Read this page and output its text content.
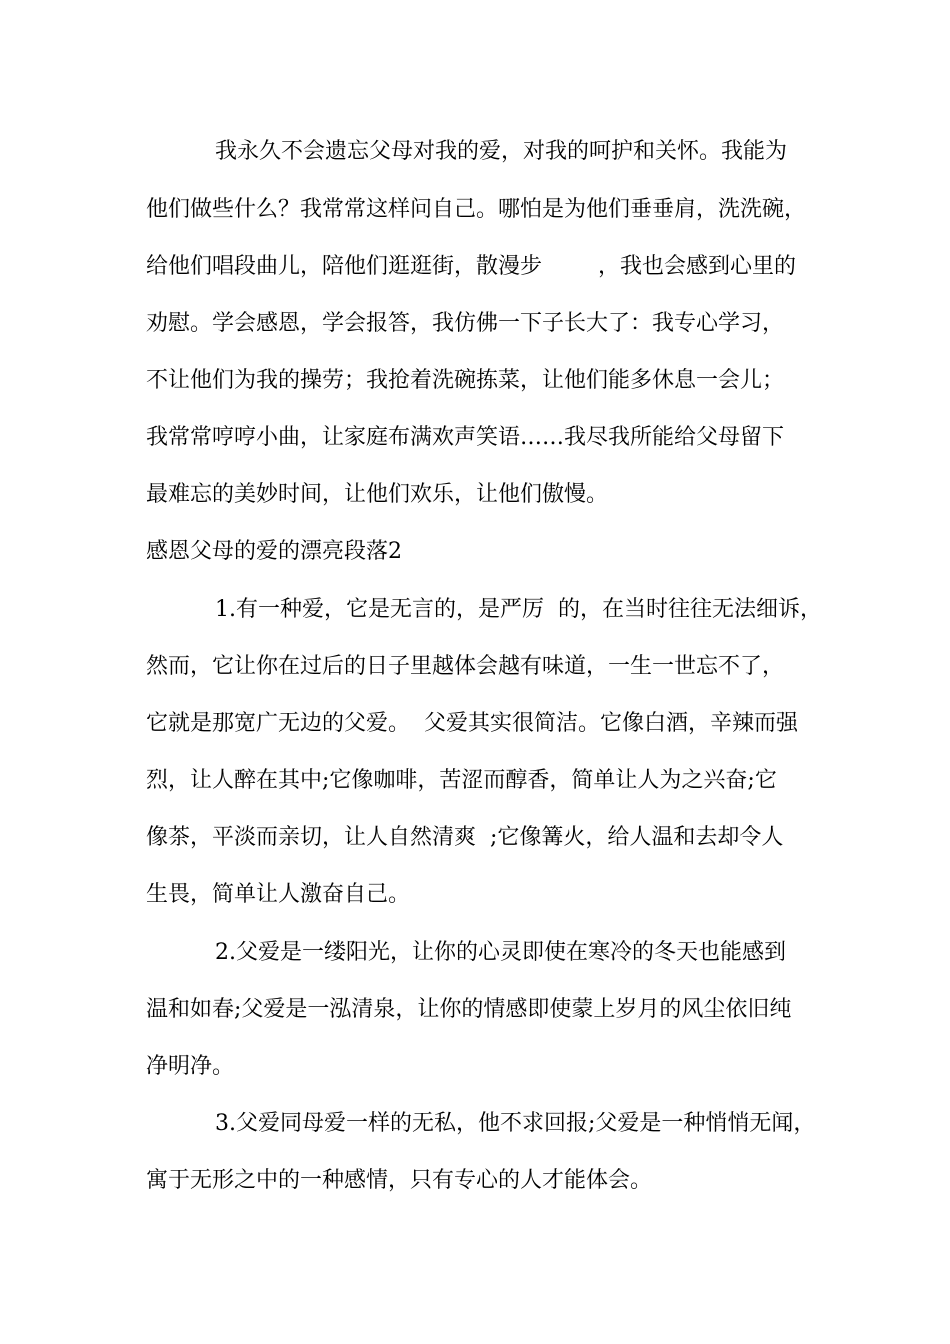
我永久不会遗忘父母对我的爱，对我的呵护和关怀。我能为
他们做些什么？我常常这样问自己。哪怕是为他们垂垂肩，洗洗碗，
给他们唱段曲儿，陪他们逛逛街，散漫步        ，我也会感到心里的
劝慰。学会感恩，学会报答，我仿佛一下子长大了：我专心学习，
不让他们为我的操劳；我抢着洗碗拣菜，让他们能多休息一会儿；
我常常哼哼小曲，让家庭布满欢声笑语……我尽我所能给父母留下
最难忘的美妙时间，让他们欢乐，让他们傲慢。
感恩父母的爱的漂亮段落2
1.有一种爱，它是无言的，是严厉  的，在当时往往无法细诉，
然而，它让你在过后的日子里越体会越有味道，一生一世忘不了，
它就是那宽广无边的父爱。  父爱其实很简洁。它像白酒，辛辣而强
烈，让人醉在其中;它像咖啡，苦涩而醇香，简单让人为之兴奋;它
像茶，平淡而亲切，让人自然清爽  ;它像篝火，给人温和去却令人
生畏，简单让人激奋自己。
2.父爱是一缕阳光，让你的心灵即使在寒冷的冬天也能感到
温和如春;父爱是一泓清泉，让你的情感即使蒙上岁月的风尘依旧纯
净明净。
3.父爱同母爱一样的无私，他不求回报;父爱是一种悄悄无闻，
寓于无形之中的一种感情，只有专心的人才能体会。
